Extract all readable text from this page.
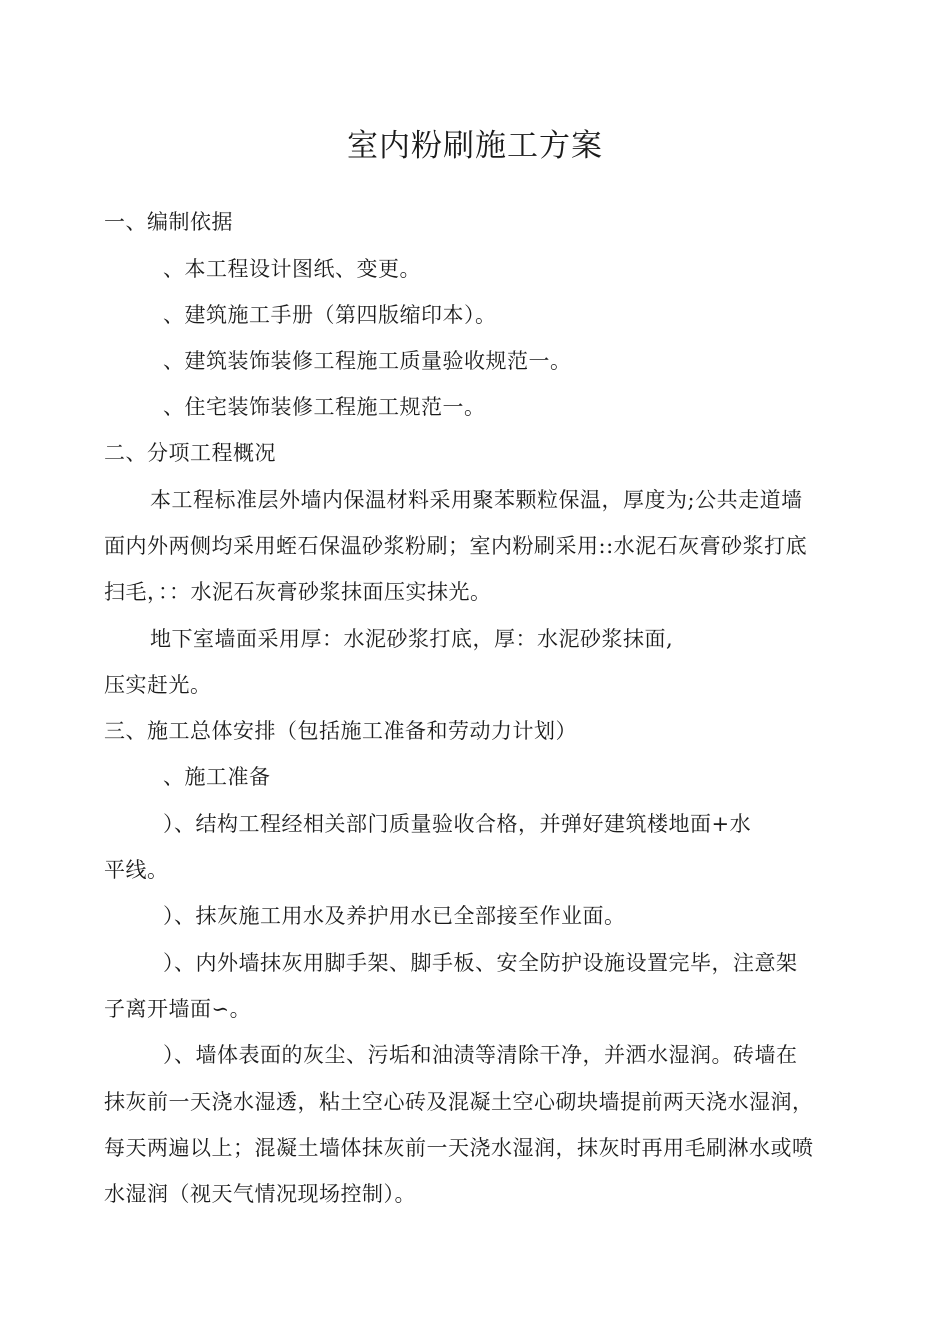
室内粉刷施工方案
一、编制依据
、本工程设计图纸、变更。
、建筑施工手册（第四版缩印本）。
、建筑装饰装修工程施工质量验收规范一。
、住宅装饰装修工程施工规范一。
二、分项工程概况
本工程标准层外墙内保温材料采用聚苯颗粒保温，厚度为;公共走道墙
面内外两侧均采用蛭石保温砂浆粉刷；室内粉刷采用::水泥石灰膏砂浆打底
扫毛，：：水泥石灰膏砂浆抹面压实抹光。
地下室墙面采用厚：水泥砂浆打底，厚：水泥砂浆抹面,
压实赶光。
三、施工总体安排（包括施工准备和劳动力计划）
、施工准备
）、结构工程经相关部门质量验收合格，并弹好建筑楼地面+水
平线。
）、抹灰施工用水及养护用水已全部接至作业面。
）、内外墙抹灰用脚手架、脚手板、安全防护设施设置完毕，注意架
子离开墙面∽。
）、墙体表面的灰尘、污垢和油渍等清除干净，并洒水湿润。砖墙在
抹灰前一天浇水湿透，粘土空心砖及混凝土空心砌块墙提前两天浇水湿润，
每天两遍以上；混凝土墙体抹灰前一天浇水湿润，抹灰时再用毛刷淋水或喷
水湿润（视天气情况现场控制）。
